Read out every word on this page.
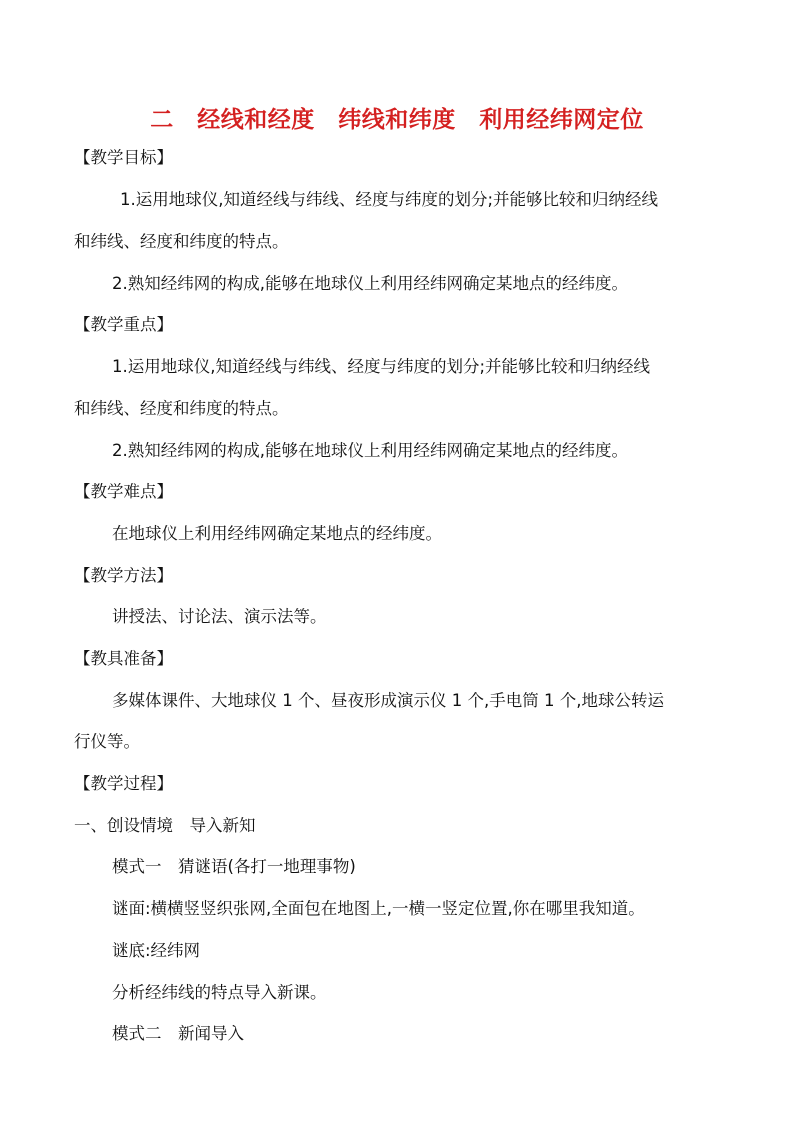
二　经线和经度　纬线和纬度　利用经纬网定位
【教学目标】
1.运用地球仪,知道经线与纬线、经度与纬度的划分;并能够比较和归纳经线
和纬线、经度和纬度的特点。
2.熟知经纬网的构成,能够在地球仪上利用经纬网确定某地点的经纬度。
【教学重点】
1.运用地球仪,知道经线与纬线、经度与纬度的划分;并能够比较和归纳经线
和纬线、经度和纬度的特点。
2.熟知经纬网的构成,能够在地球仪上利用经纬网确定某地点的经纬度。
【教学难点】
在地球仪上利用经纬网确定某地点的经纬度。
【教学方法】
讲授法、讨论法、演示法等。
【教具准备】
多媒体课件、大地球仪 1 个、昼夜形成演示仪 1 个,手电筒 1 个,地球公转运
行仪等。
【教学过程】
一、创设情境　导入新知
模式一　猜谜语(各打一地理事物)
谜面:横横竖竖织张网,全面包在地图上,一横一竖定位置,你在哪里我知道。
谜底:经纬网
分析经纬线的特点导入新课。
模式二　新闻导入
